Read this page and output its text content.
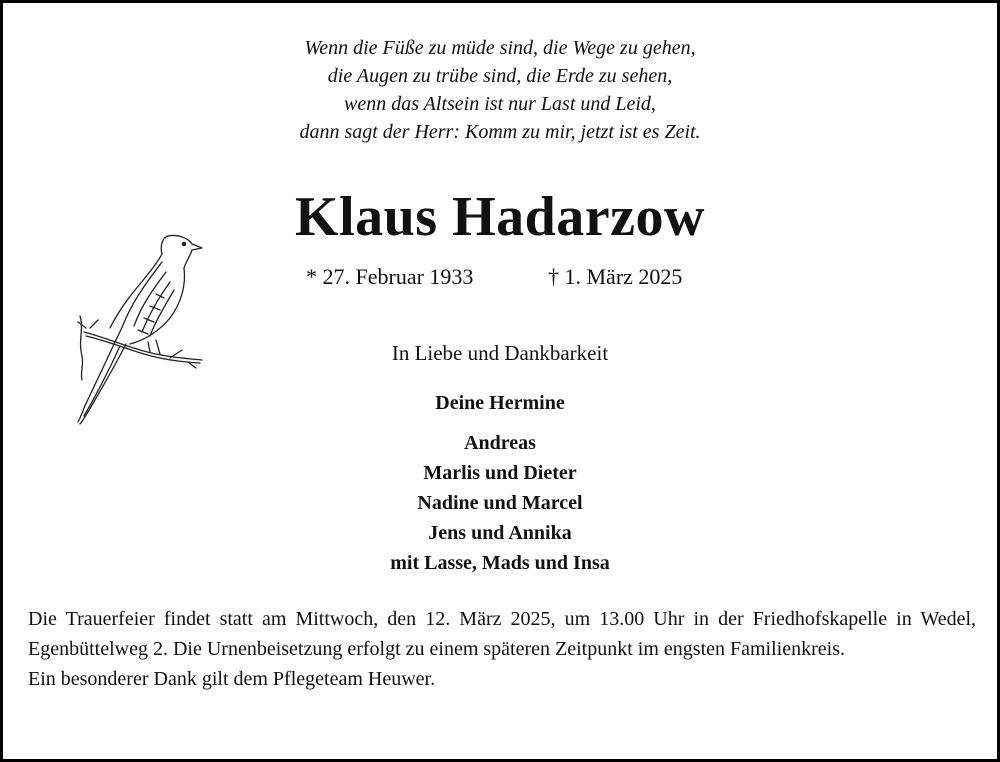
Wenn die Füße zu müde sind, die Wege zu gehen,
die Augen zu trübe sind, die Erde zu sehen,
wenn das Altsein ist nur Last und Leid,
dann sagt der Herr: Komm zu mir, jetzt ist es Zeit.
Klaus Hadarzow
* 27. Februar 1933	† 1. März 2025
In Liebe und Dankbarkeit
Deine Hermine
Andreas
Marlis und Dieter
Nadine und Marcel
Jens und Annika
mit Lasse, Mads und Insa

Die Trauerfeier findet statt am Mittwoch, den 12. März 2025, um 13.00 Uhr in der Friedhofskapelle in Wedel, Egenbüttelweg 2. Die Urnenbeisetzung erfolgt zu einem späteren Zeitpunkt im engsten Familienkreis.

Ein besonderer Dank gilt dem Pflegeteam Heuwer.
